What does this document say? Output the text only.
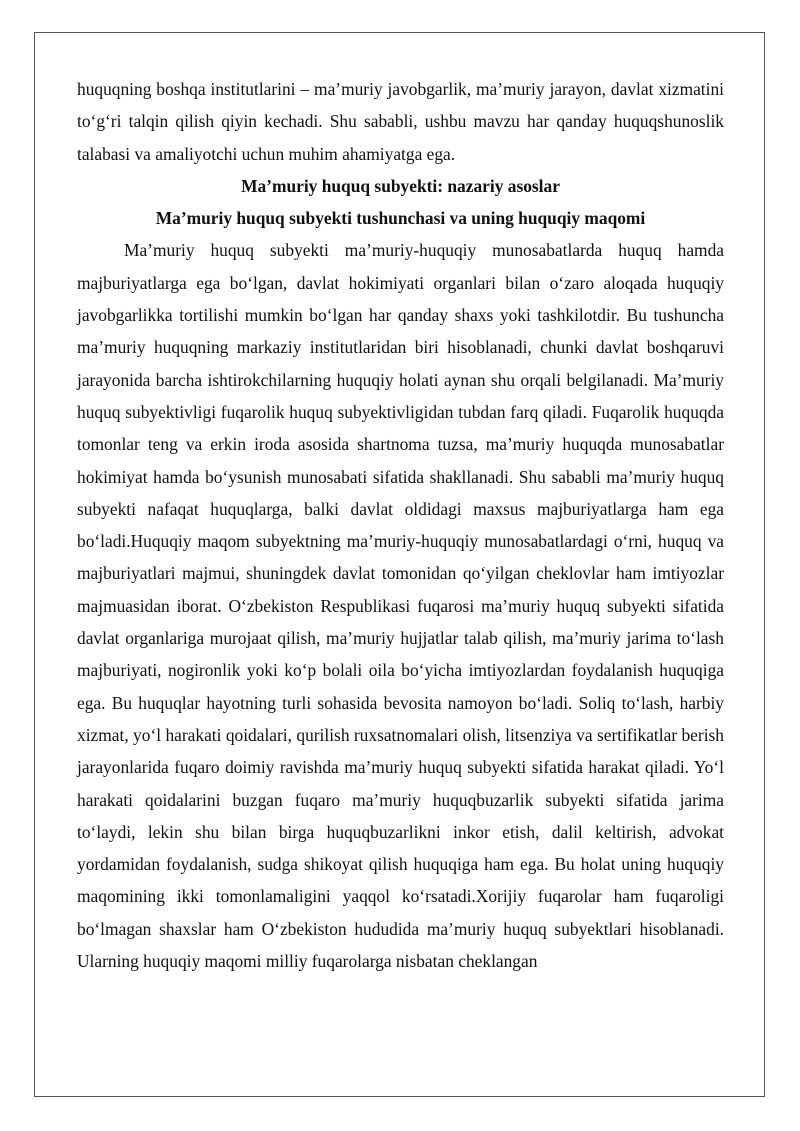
huquqning boshqa institutlarini – ma’muriy javobgarlik, ma’muriy jarayon, davlat xizmatini to‘g‘ri talqin qilish qiyin kechadi. Shu sababli, ushbu mavzu har qanday huquqshunoslik talabasi va amaliyotchi uchun muhim ahamiyatga ega.

Ma’muriy huquq subyekti: nazariy asoslar

Ma’muriy huquq subyekti tushunchasi va uning huquqiy maqomi

Ma’muriy huquq subyekti ma’muriy-huquqiy munosabatlarda huquq hamda majburiyatlarga ega bo‘lgan, davlat hokimiyati organlari bilan o‘zaro aloqada huquqiy javobgarlikka tortilishi mumkin bo‘lgan har qanday shaxs yoki tashkilotdir. Bu tushuncha ma’muriy huquqning markaziy institutlaridan biri hisoblanadi, chunki davlat boshqaruvi jarayonida barcha ishtirokchilarning huquqiy holati aynan shu orqali belgilanadi. Ma’muriy huquq subyektivligi fuqarolik huquq subyektivligidan tubdan farq qiladi. Fuqarolik huquqda tomonlar teng va erkin iroda asosida shartnoma tuzsa, ma’muriy huquqda munosabatlar hokimiyat hamda bo‘ysunish munosabati sifatida shakllanadi. Shu sababli ma’muriy huquq subyekti nafaqat huquqlarga, balki davlat oldidagi maxsus majburiyatlarga ham ega bo‘ladi.Huquqiy maqom subyektning ma’muriy-huquqiy munosabatlardagi o‘rni, huquq va majburiyatlari majmui, shuningdek davlat tomonidan qo‘yilgan cheklovlar ham imtiyozlar majmuasidan iborat. O‘zbekiston Respublikasi fuqarosi ma’muriy huquq subyekti sifatida davlat organlariga murojaat qilish, ma’muriy hujjatlar talab qilish, ma’muriy jarima to‘lash majburiyati, nogironlik yoki ko‘p bolali oila bo‘yicha imtiyozlardan foydalanish huquqiga ega. Bu huquqlar hayotning turli sohasida bevosita namoyon bo‘ladi. Soliq to‘lash, harbiy xizmat, yo‘l harakati qoidalari, qurilish ruxsatnomalari olish, litsenziya va sertifikatlar berish jarayonlarida fuqaro doimiy ravishda ma’muriy huquq subyekti sifatida harakat qiladi. Yo‘l harakati qoidalarini buzgan fuqaro ma’muriy huquqbuzarlik subyekti sifatida jarima to‘laydi, lekin shu bilan birga huquqbuzarlikni inkor etish, dalil keltirish, advokat yordamidan foydalanish, sudga shikoyat qilish huquqiga ham ega. Bu holat uning huquqiy maqomining ikki tomonlamaligini yaqqol ko‘rsatadi.Xorijiy fuqarolar ham fuqaroligi bo‘lmagan shaxslar ham O‘zbekiston hududida ma’muriy huquq subyektlari hisoblanadi. Ularning huquqiy maqomi milliy fuqarolarga nisbatan cheklangan
